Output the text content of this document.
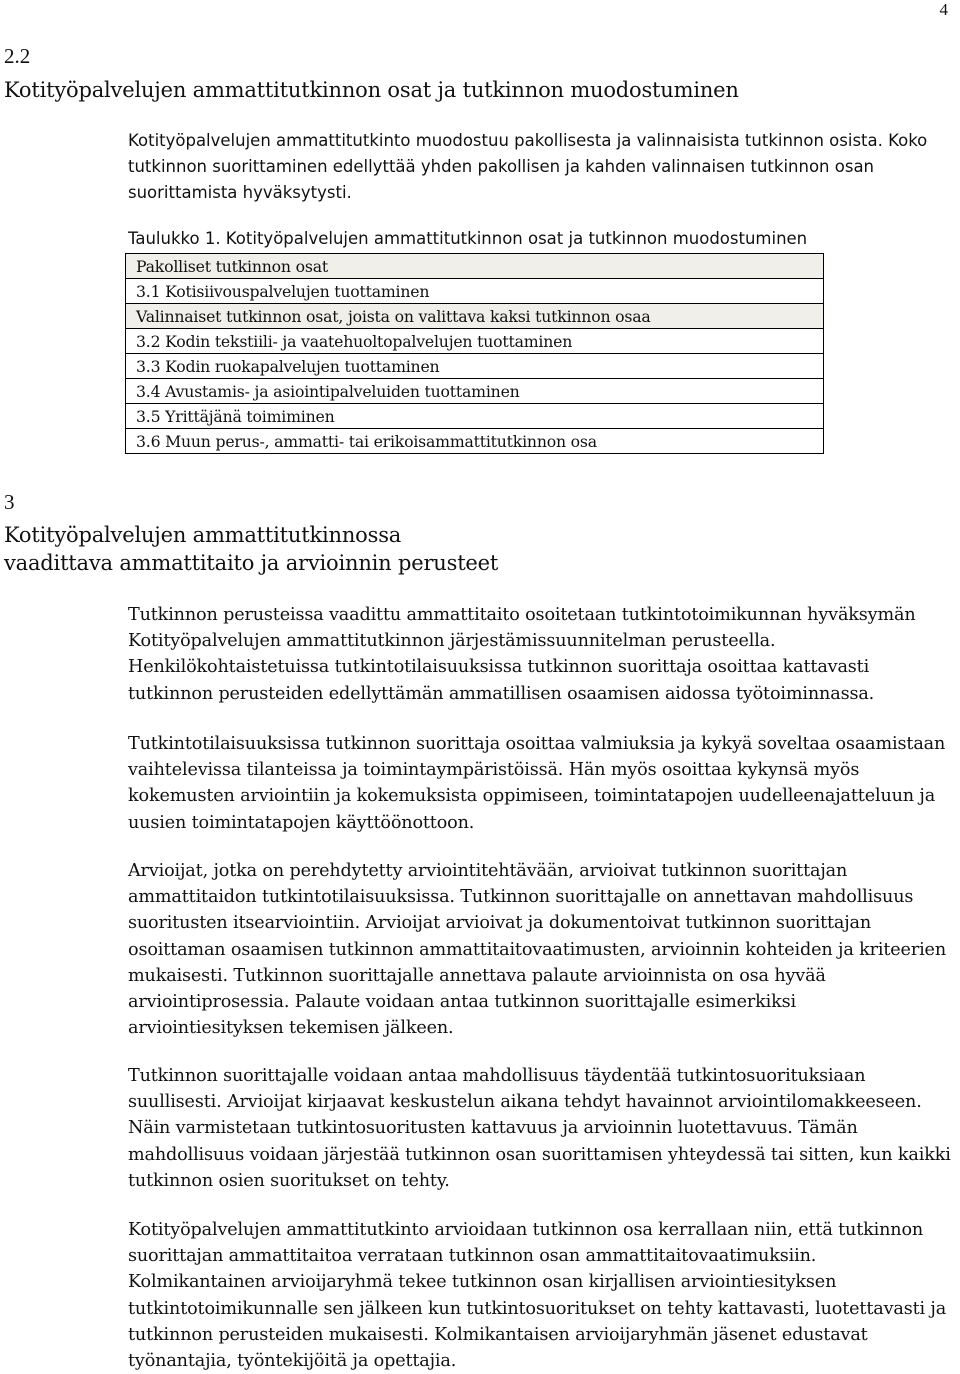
4
2.2
Kotityöpalvelujen ammattitutkinnon osat ja tutkinnon muodostuminen
Kotityöpalvelujen ammattitutkinto muodostuu pakollisesta ja valinnaisista tutkinnon osista. Koko tutkinnon suorittaminen edellyttää yhden pakollisen ja kahden valinnaisen tutkinnon osan suorittamista hyväksytysti.
Taulukko 1. Kotityöpalvelujen ammattitutkinnon osat ja tutkinnon muodostuminen
Pakolliset tutkinnon osat
3.1 Kotisiivouspalvelujen tuottaminen
Valinnaiset tutkinnon osat, joista on valittava kaksi tutkinnon osaa
3.2 Kodin tekstiili- ja vaatehuoltopalvelujen tuottaminen
3.3 Kodin ruokapalvelujen tuottaminen
3.4 Avustamis- ja asiointipalveluiden tuottaminen
3.5 Yrittäjänä toimiminen
3.6 Muun perus-, ammatti- tai erikoisammattitutkinnon osa
3
Kotityöpalvelujen ammattitutkinnossa
vaadittava ammattitaito ja arvioinnin perusteet
Tutkinnon perusteissa vaadittu ammattitaito osoitetaan tutkintotoimikunnan hyväksymän Kotityöpalvelujen ammattitutkinnon järjestämissuunnitelman perusteella. Henkilökohtaistetuissa tutkintotilaisuuksissa tutkinnon suorittaja osoittaa kattavasti tutkinnon perusteiden edellyttämän ammatillisen osaamisen aidossa työtoiminnassa.
Tutkintotilaisuuksissa tutkinnon suorittaja osoittaa valmiuksia ja kykyä soveltaa osaamistaan vaihtelevissa tilanteissa ja toimintaympäristöissä. Hän myös osoittaa kykynsä myös kokemusten arviointiin ja kokemuksista oppimiseen, toimintatapojen uudelleenajatteluun ja uusien toimintatapojen käyttöönottoon.
Arvioijat, jotka on perehdytetty arviointitehtävään, arvioivat tutkinnon suorittajan ammattitaidon tutkintotilaisuuksissa. Tutkinnon suorittajalle on annettavan mahdollisuus suoritusten itsearviointiin. Arvioijat arvioivat ja dokumentoivat tutkinnon suorittajan osoittaman osaamisen tutkinnon ammattitaitovaatimusten, arvioinnin kohteiden ja kriteerien mukaisesti. Tutkinnon suorittajalle annettava palaute arvioinnista on osa hyvää arviointiprosessia. Palaute voidaan antaa tutkinnon suorittajalle esimerkiksi arviointiesityksen tekemisen jälkeen.
Tutkinnon suorittajalle voidaan antaa mahdollisuus täydentää tutkintosuorituksiaan suullisesti. Arvioijat kirjaavat keskustelun aikana tehdyt havainnot arviointilomakkeeseen. Näin varmistetaan tutkintosuoritusten kattavuus ja arvioinnin luotettavuus. Tämän mahdollisuus voidaan järjestää tutkinnon osan suorittamisen yhteydessä tai sitten, kun kaikki tutkinnon osien suoritukset on tehty.
Kotityöpalvelujen ammattitutkinto arvioidaan tutkinnon osa kerrallaan niin, että tutkinnon suorittajan ammattitaitoa verrataan tutkinnon osan ammattitaitovaatimuksiin. Kolmikantainen arvioijaryhmä tekee tutkinnon osan kirjallisen arviointiesityksen tutkintotoimikunnalle sen jälkeen kun tutkintosuoritukset on tehty kattavasti, luotettavasti ja tutkinnon perusteiden mukaisesti. Kolmikantaisen arvioijaryhmän jäsenet edustavat työnantajia, työntekijöitä ja opettajia.
